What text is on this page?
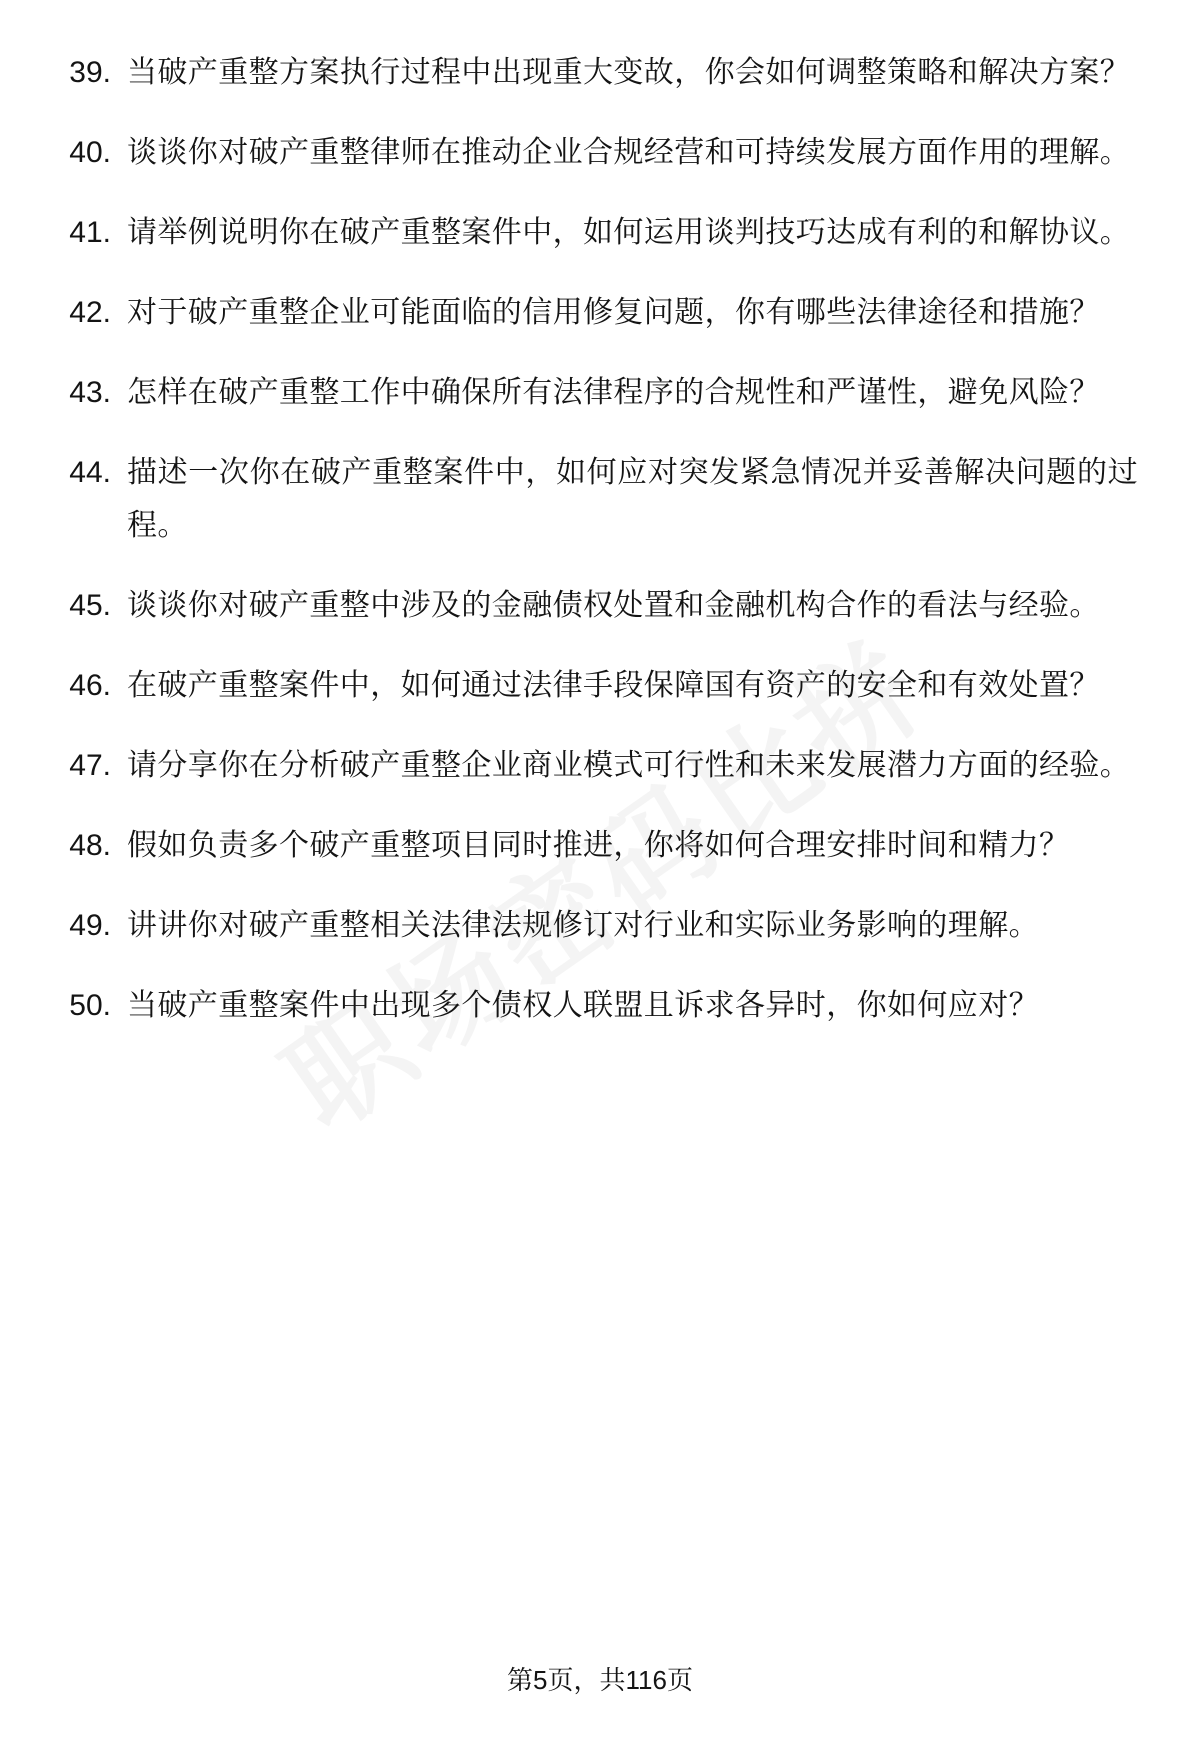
39. 当破产重整方案执行过程中出现重大变故，你会如何调整策略和解决方案？
40. 谈谈你对破产重整律师在推动企业合规经营和可持续发展方面作用的理解。
41. 请举例说明你在破产重整案件中，如何运用谈判技巧达成有利的和解协议。
42. 对于破产重整企业可能面临的信用修复问题，你有哪些法律途径和措施？
43. 怎样在破产重整工作中确保所有法律程序的合规性和严谨性，避免风险？
44. 描述一次你在破产重整案件中，如何应对突发紧急情况并妥善解决问题的过程。
45. 谈谈你对破产重整中涉及的金融债权处置和金融机构合作的看法与经验。
46. 在破产重整案件中，如何通过法律手段保障国有资产的安全和有效处置？
47. 请分享你在分析破产重整企业商业模式可行性和未来发展潜力方面的经验。
48. 假如负责多个破产重整项目同时推进，你将如何合理安排时间和精力？
49. 讲讲你对破产重整相关法律法规修订对行业和实际业务影响的理解。
50. 当破产重整案件中出现多个债权人联盟且诉求各异时，你如何应对？
第5页，共116页
